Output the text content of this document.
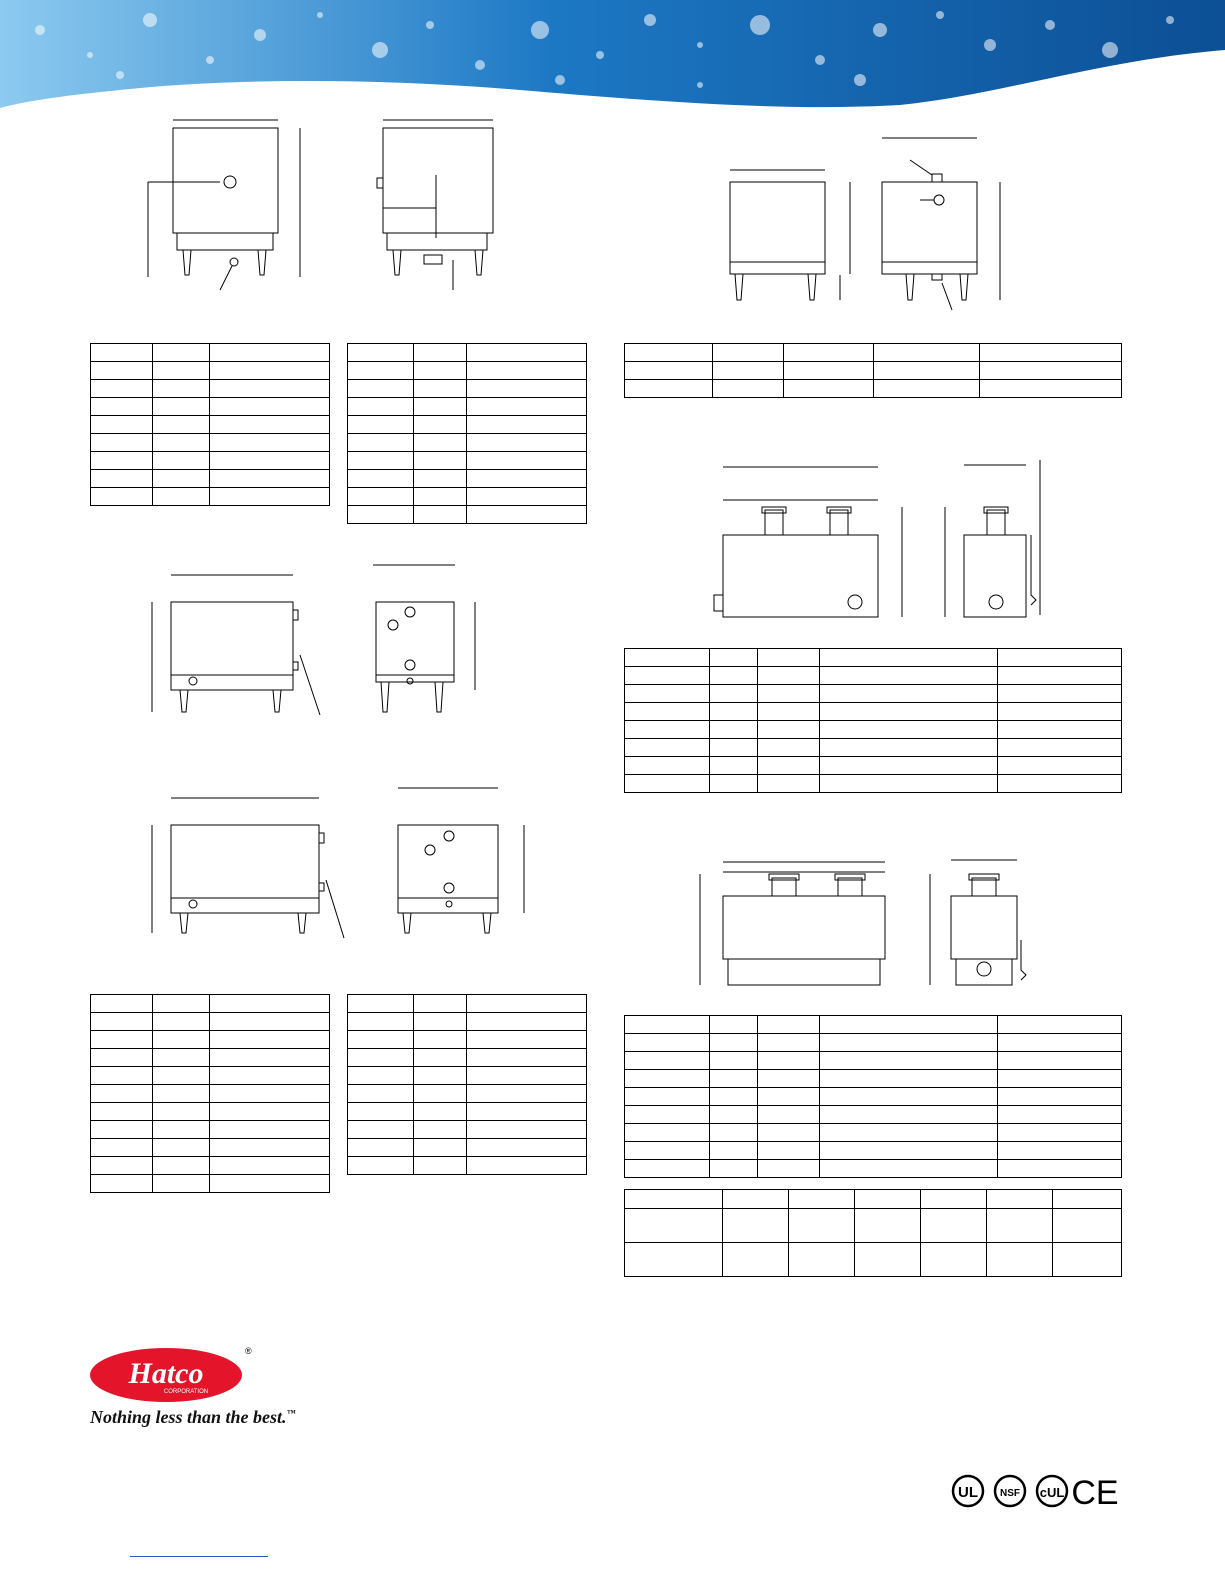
Hatco
CORPORATION
®
Nothing less than the best.™
UL NSF cUL CE
